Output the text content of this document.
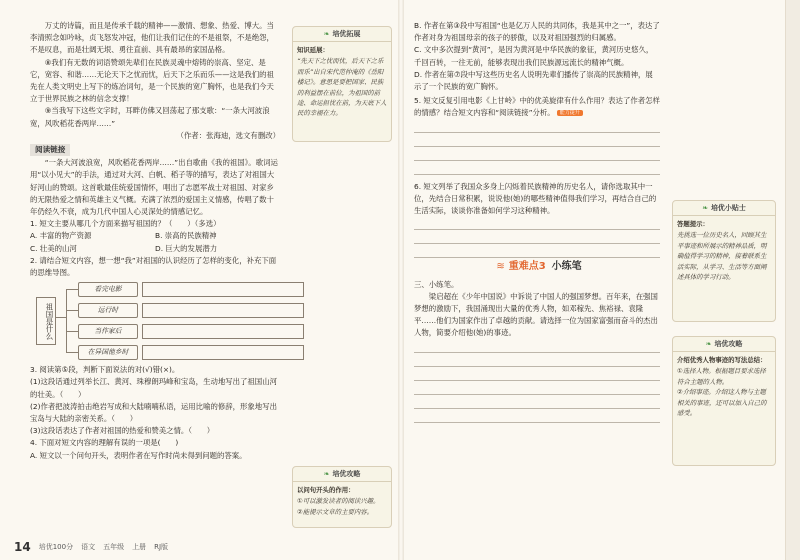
万丈的诗篇，而且是传承千载的精神——激情、想象、热爱、博大。当李清照念如吟咏，贞飞怒发冲冠，他们让我们记住的不是祖祭，不是绝怨，不是叹息，而是壮阔无垠、勇往直前、具有最昂的家国品格。

⑧我们有无数的词语赞颂先辈们在民族灵魂中熔铸的崇高、坚定、是它，宽容、和谐……无论天下之忧而忧，后天下之乐而乐——这是我们的祖先在人类文明史上写下的炼冶词句，是一个民族的宽广胸怀，也是我们今天立于世界民族之林的信念支撑！

⑨当我写下这些文字时，耳畔仿佛又回荡起了那支歌：“一条大河波浪宽，风吹稻花香两岸……”

（作者：张海迪，选文有删改）

阅读链接

“一条大河波浪宽，风吹稻花香两岸……”出自歌曲《我的祖国》。歌词运用“以小见大”的手法，通过对大河、白帆、稻子等的描写，表达了对祖国大好河山的赞颂。这首歌最佳统爱国情怀，唱出了志愿军战士对祖国、对家乡的无限热爱之情和英雄主义气概。充满了浓烈的爱国主义情感，传唱了数十年仍经久不衰，成为几代中国人心灵深处的情感记忆。

1. 短文主要从哪几个方面来描写祖国的？（　　）（多选）

A. 丰富的物产资源	B. 崇高的民族精神
C. 壮美的山河	D. 巨大的发展潜力

2. 请结合短文内容，想一想“我”对祖国的认识经历了怎样的变化，补充下面的思维导图。

祖国是什么
看完电影
远行时
当作家后
在异国他乡时

3. 阅读第⑤段，判断下面说法的对(√)错(×)。

(1)这段话通过列举长江、黄河、珠穆朗玛峰和宝岛，生动地写出了祖国山河的壮美。（　　）

(2)作者把波涛拍击绝岩写成和大陆喃喃私语，运用比喻的修辞，形象地写出宝岛与大陆的亲密关系。（　　）

(3)这段话表达了作者对祖国的热爱和赞美之情。（　　）

4. 下面对短文内容的理解有误的一项是(　　)

A. 短文以一个问句开头，表明作者在写作时尚未得到问题的答案。

❧ 培优拓展
知识延展：
“先天下之忧而忧，后天下之乐而乐”出自宋代范仲淹的《岳阳楼记》。意思是要把国家、民族的利益摆在前位，为祖国的前途、命运担忧在前，为天底下人民的幸福在力。
❧ 培优攻略
以问句开头的作用：
①可以激发读者的阅读兴趣。
②能提示文章的主要内容。
14 培优100分 语文 五年级 上册 RJ版

B. 作者在第③段中写祖国“也是亿万人民的共同体，我是其中之一”，表达了作者对身为祖国母亲的孩子的骄傲，以及对祖国强烈的归属感。

C. 文中多次提到“黄河”，是因为黄河是中华民族的象征，黄河历史悠久，千回百转，一往无前，能够表现出我们民族源远流长的精神气概。

D. 作者在第⑦段中写这些历史名人说明先辈们播传了崇高的民族精神，展示了一个民族的宽广胸怀。

5. 短文反复引用电影《上甘岭》中的优美旋律有什么作用？表达了作者怎样的情感？结合短文内容和“阅读链接”分析。 能力提升

6. 短文列举了我国众多身上闪烁着民族精神的历史名人，请你选取其中一位，先结合日常积累，说说他(她)的哪些精神值得我们学习，再结合自己的生活实际，谈谈你准备如何学习这种精神。

≋ 重难点3 小练笔

三、小练笔。

梁启超在《少年中国说》中诉说了中国人的强国梦想。百年来，在强国梦想的激励下，我国涌现出大量的优秀人物，如邓稼先、焦裕禄、袁隆平……他们为国家作出了卓越的贡献。请选择一位为国家富强而奋斗的杰出人物，简要介绍他(她)的事迹。

❧ 培优小贴士
答题提示：
先挑选一位历史名人，回顾其生平事迹和所展示的精神品质，明确值得学习的精神，接着联系生活实际，从学习、生活等方面阐述具体的学习行动。
❧ 培优攻略
介绍优秀人物事迹的写法总结：
①选择人物。根据题目要求选择符合主题的人物。
②介绍事迹。介绍这人物与主题相关的事迹，还可以加入自己的感受。
